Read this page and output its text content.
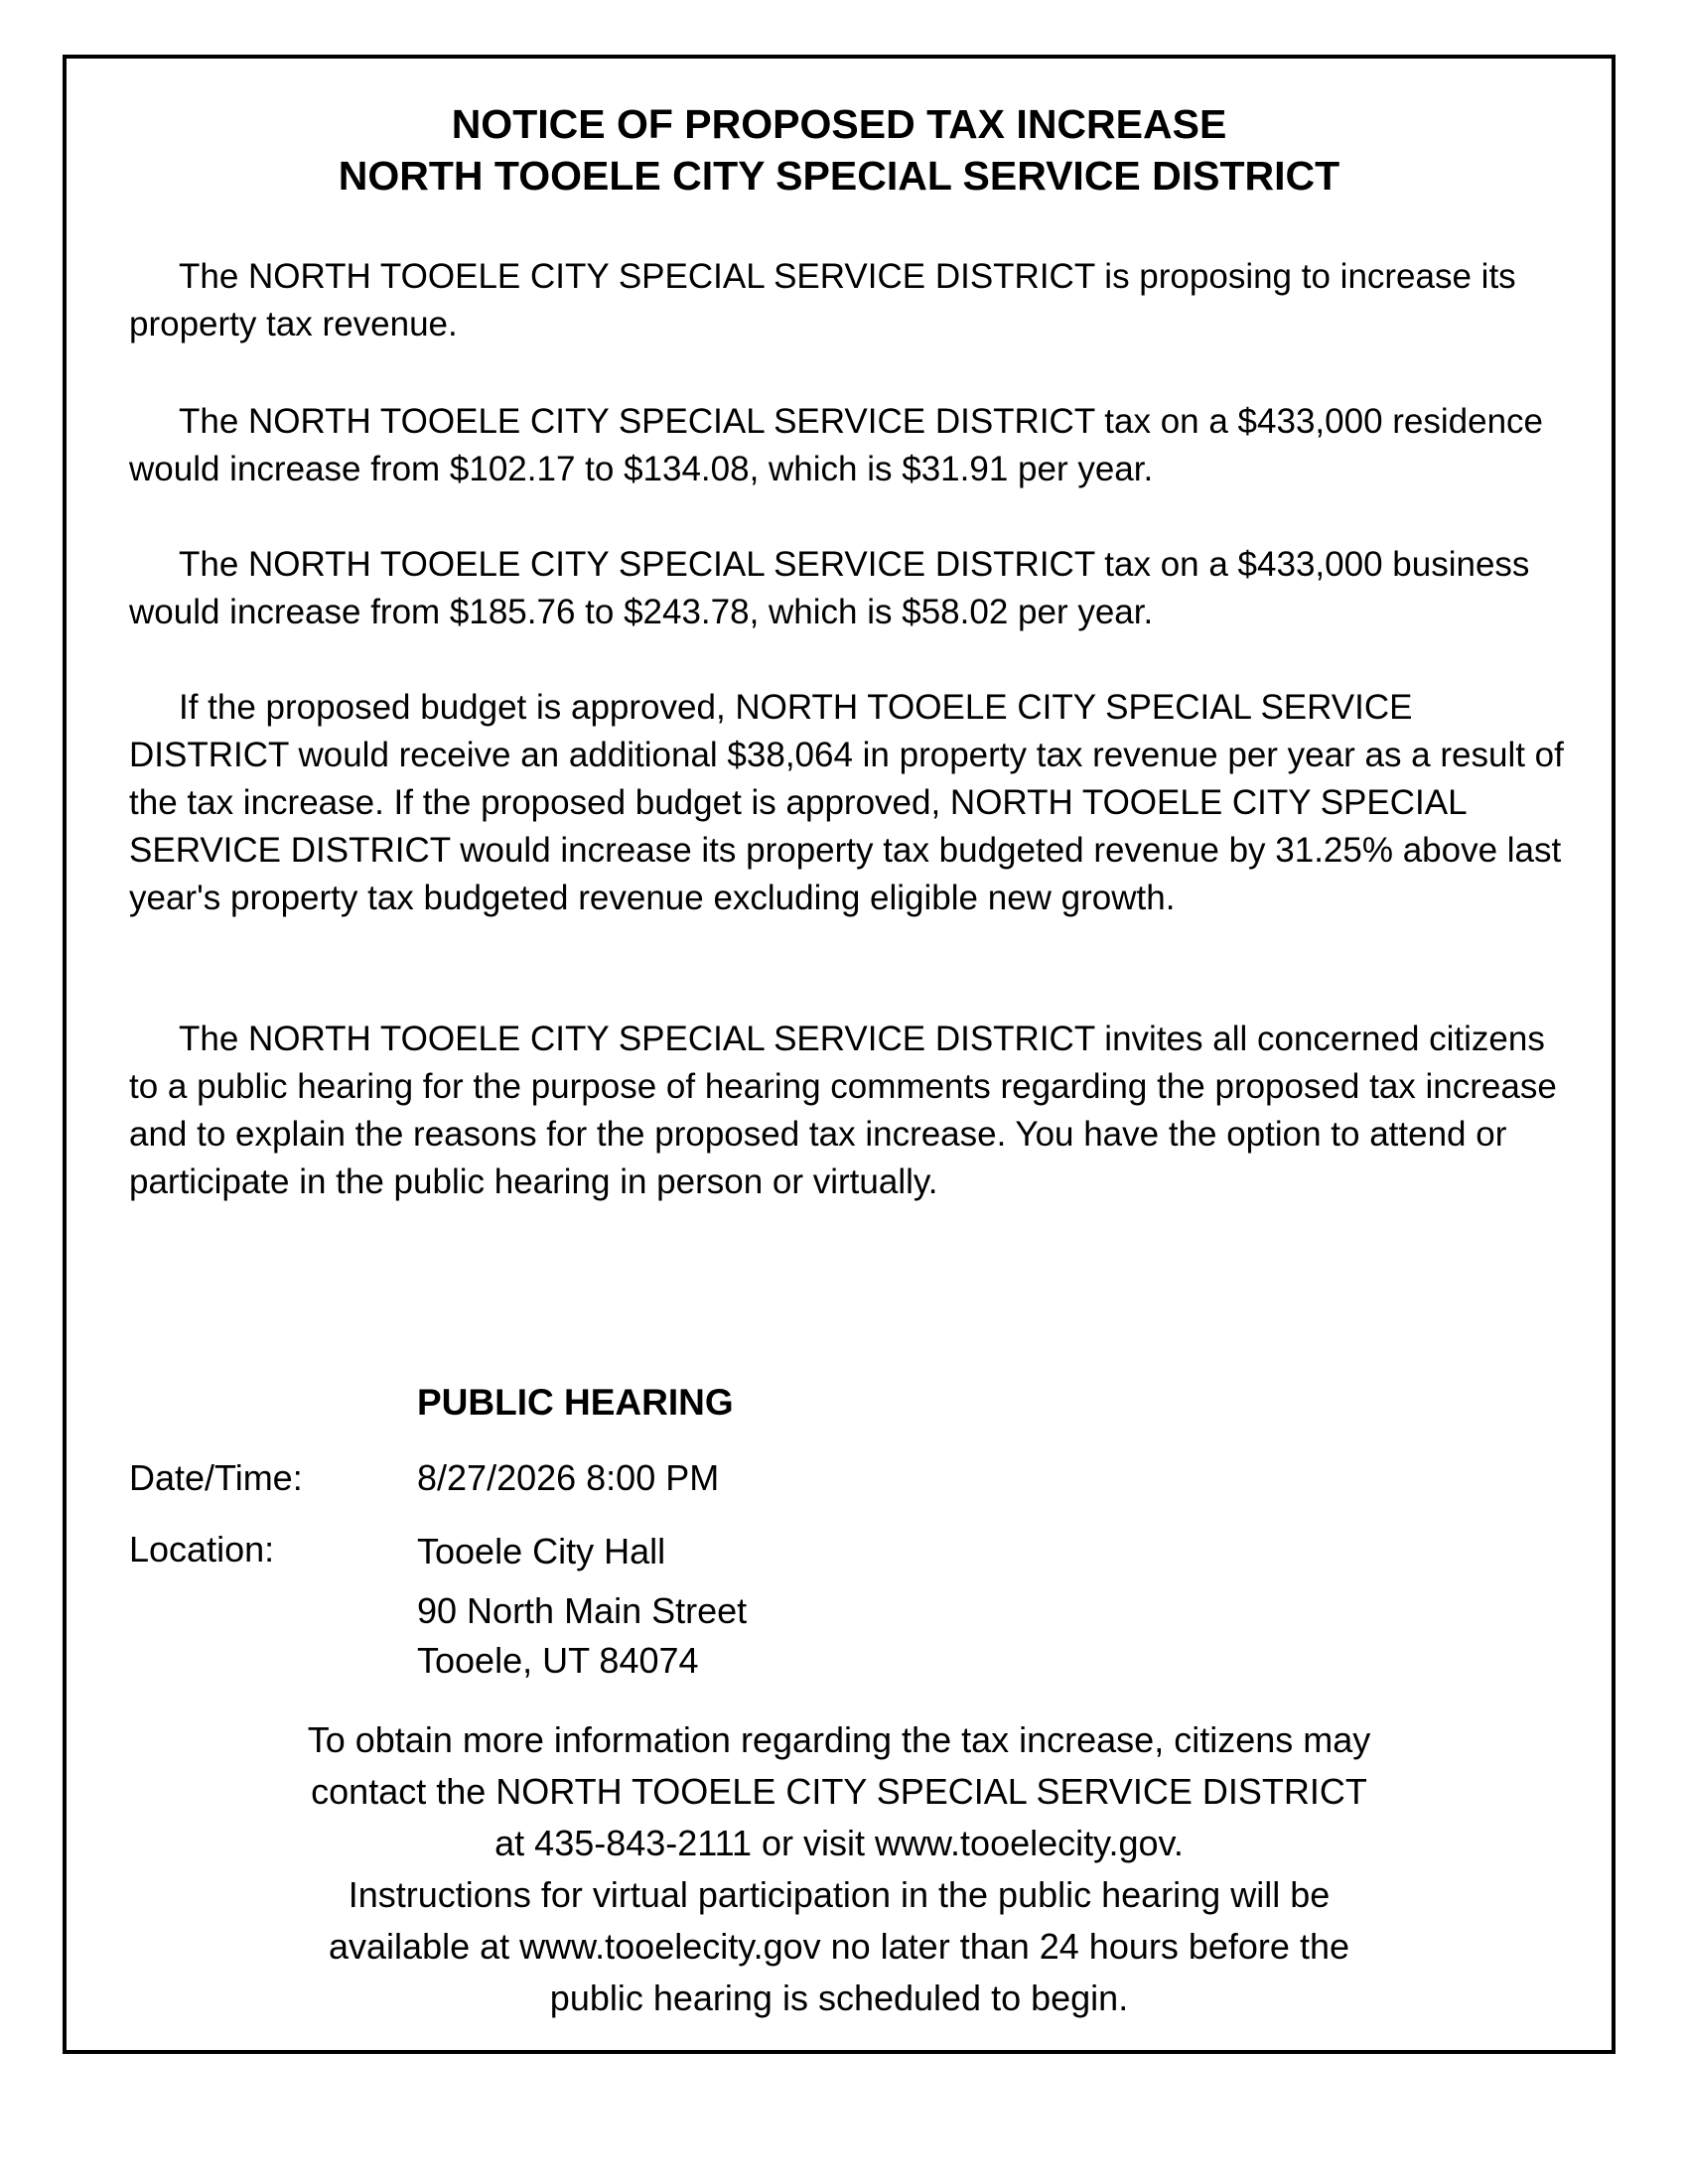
NOTICE OF PROPOSED TAX INCREASE
NORTH TOOELE CITY SPECIAL SERVICE DISTRICT

The NORTH TOOELE CITY SPECIAL SERVICE DISTRICT is proposing to increase its property tax revenue.

The NORTH TOOELE CITY SPECIAL SERVICE DISTRICT tax on a $433,000 residence would increase from $102.17 to $134.08, which is $31.91 per year.

The NORTH TOOELE CITY SPECIAL SERVICE DISTRICT tax on a $433,000 business would increase from $185.76 to $243.78, which is $58.02 per year.

If the proposed budget is approved, NORTH TOOELE CITY SPECIAL SERVICE DISTRICT would receive an additional $38,064 in property tax revenue per year as a result of the tax increase. If the proposed budget is approved, NORTH TOOELE CITY SPECIAL SERVICE DISTRICT would increase its property tax budgeted revenue by 31.25% above last year's property tax budgeted revenue excluding eligible new growth.

The NORTH TOOELE CITY SPECIAL SERVICE DISTRICT invites all concerned citizens to a public hearing for the purpose of hearing comments regarding the proposed tax increase and to explain the reasons for the proposed tax increase. You have the option to attend or participate in the public hearing in person or virtually.

PUBLIC HEARING

Date/Time:	8/27/2026 8:00 PM

Location:	Tooele City Hall

90 North Main Street

Tooele, UT 84074

To obtain more information regarding the tax increase, citizens may
contact the NORTH TOOELE CITY SPECIAL SERVICE DISTRICT
at 435-843-2111 or visit www.tooelecity.gov.
Instructions for virtual participation in the public hearing will be
available at www.tooelecity.gov no later than 24 hours before the
public hearing is scheduled to begin.
